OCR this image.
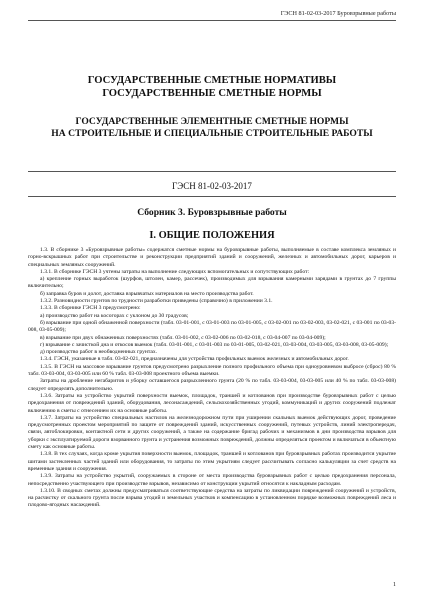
ГЭСН 81-02-03-2017 Буровзрывные работы
ГОСУДАРСТВЕННЫЕ СМЕТНЫЕ НОРМАТИВЫ
ГОСУДАРСТВЕННЫЕ СМЕТНЫЕ НОРМЫ
ГОСУДАРСТВЕННЫЕ ЭЛЕМЕНТНЫЕ СМЕТНЫЕ НОРМЫ
НА СТРОИТЕЛЬНЫЕ И СПЕЦИАЛЬНЫЕ СТРОИТЕЛЬНЫЕ РАБОТЫ
ГЭСН 81-02-03-2017
Сборник 3. Буровзрывные работы
I. ОБЩИЕ ПОЛОЖЕНИЯ

1.3. В сборнике 3 «Буровзрывные работы» содержатся сметные нормы на буровзрывные работы, выполняемые в составе комплекса земляных и горно-вскрышных работ при строительстве и реконструкции предприятий зданий и сооружений, железных и автомобильных дорог, карьеров и специальных земляных сооружений.

1.3.1. В сборнике ГЭСН 3 учтены затраты на выполнение следующих вспомогательных и сопутствующих работ:

а) крепление горных выработок (шурфов, штолен, камер, рассечек), производимых для взрывания камерными зарядами в грунтах до 7 группы включительно;

б) заправка буров и долот, доставка взрывчатых материалов на место производства работ.

1.3.2. Разновидности грунтов по трудности разработки приведены (справочно) в приложении 3.1.

1.3.3. В сборнике ГЭСН 3 предусмотрено:

а) производство работ на косогорах с уклоном до 30 градусов;

б) взрывание при одной обнаженной поверхности (табл. 03-01-001, с 03-01-003 по 03-01-005, с 03-02-001 по 03-02-003, 03-02-021, с 03-001 по 03-03-008, 03-05-009);

в) взрывание при двух обнаженных поверхностях (табл. 03-01-002, с 03-02-006 по 03-02-018, с 03-04-007 по 03-04-009);

г) взрывание с зачисткой дна и откосов выемок (табл. 03-01-001, с 03-01-003 по 03-01-005, 03-02-021, 03-03-004, 03-03-005, 03-03-008, 03-05-009);

д) производство работ в необводненных грунтах.

1.3.4. ГЭСН, указанные в табл. 03-02-021, предназначены для устройства профильных выемок железных и автомобильных дорог.

1.3.5. В ГЭСН на массовое взрывание грунтов предусмотрено разрыхление полного профильного объема при одноуровневом выбросе (сброс) 80 % табл. 03-03-004, 03-03-005 или 60 % табл. 03-03-008 проектного объема выемки.

Затраты на дробление негабаритов и уборку оставшегося разрыхленного грунта (20 % по табл. 03-03-004, 03-03-005 или 40 % по табл. 03-03-008) следует определять дополнительно.

1.3.6. Затраты на устройство укрытий поверхности выемок, площадок, траншей и котлованов при производстве буровзрывных работ с целью предохранения от повреждений зданий, оборудования, лесонасаждений, сельскохозяйственных угодий, коммуникаций и других сооружений подлежат включению в сметы с отнесением их на основные работы.

1.3.7. Затраты на устройство специальных настилов на железнодорожном пути при уширении скальных выемок действующих дорог, проведение предусмотренных проектом мероприятий по защите от повреждений зданий, искусственных сооружений, путевых устройств, линий электропередач, связи, автоблокировки, контактной сети и других сооружений, а также на содержание бригад рабочих и механизмов в дни производства взрывов для уборки с эксплуатируемой дороги взорванного грунта и устранения возможных повреждений, должны определяться проектом и включаться в объектную смету как основные работы.

1.3.8. В тех случаях, когда кроме укрытия поверхности выемок, площадок, траншей и котлованов при буровзрывных работах производится укрытие шитами застекленных частей зданий или оборудования, то затраты по этим укрытиям следует рассчитывать согласно калькуляции за счет средств на временные здания и сооружения.

1.3.9. Затраты на устройство укрытий, сооружаемых в стороне от места производства буровзрывных работ с целью предохранения персонала, непосредственно участвующего при производстве взрывов, независимо от конструкции укрытий относятся к накладным расходам.

1.3.10. В сводных сметах должны предусматриваться соответствующие средства на затраты по ликвидации повреждений сооружений и устройств, на расчистку от скального грунта после взрыва угодий и земельных участков и компенсацию в установленном порядке возможных повреждений леса и плодово-ягодных насаждений.

1
